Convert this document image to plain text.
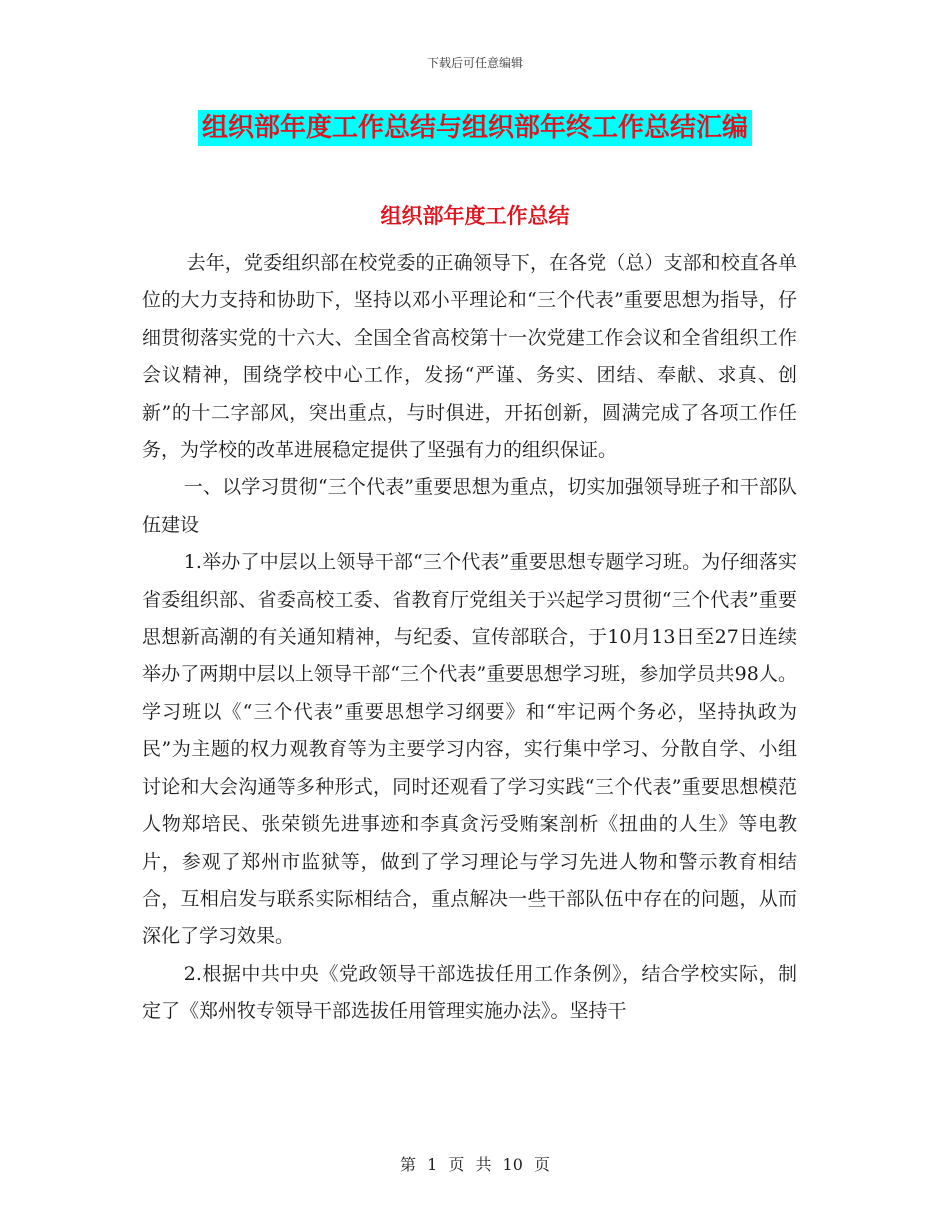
下载后可任意编辑
组织部年度工作总结与组织部年终工作总结汇编
组织部年度工作总结

去年，党委组织部在校党委的正确领导下，在各党（总）支部和校直各单位的大力支持和协助下，坚持以邓小平理论和“三个代表”重要思想为指导，仔细贯彻落实党的十六大、全国全省高校第十一次党建工作会议和全省组织工作会议精神，围绕学校中心工作，发扬“严谨、务实、团结、奉献、求真、创新”的十二字部风，突出重点，与时俱进，开拓创新，圆满完成了各项工作任务，为学校的改革进展稳定提供了坚强有力的组织保证。

一、以学习贯彻“三个代表”重要思想为重点，切实加强领导班子和干部队伍建设

1.举办了中层以上领导干部“三个代表”重要思想专题学习班。为仔细落实省委组织部、省委高校工委、省教育厅党组关于兴起学习贯彻“三个代表”重要思想新高潮的有关通知精神，与纪委、宣传部联合，于10月13日至27日连续举办了两期中层以上领导干部“三个代表”重要思想学习班，参加学员共98人。学习班以《“三个代表”重要思想学习纲要》和“牢记两个务必，坚持执政为民”为主题的权力观教育等为主要学习内容，实行集中学习、分散自学、小组讨论和大会沟通等多种形式，同时还观看了学习实践“三个代表”重要思想模范人物郑培民、张荣锁先进事迹和李真贪污受贿案剖析《扭曲的人生》等电教片，参观了郑州市监狱等，做到了学习理论与学习先进人物和警示教育相结合，互相启发与联系实际相结合，重点解决一些干部队伍中存在的问题，从而深化了学习效果。

2.根据中共中央《党政领导干部选拔任用工作条例》，结合学校实际，制定了《郑州牧专领导干部选拔任用管理实施办法》。坚持干

第 1 页 共 10 页
